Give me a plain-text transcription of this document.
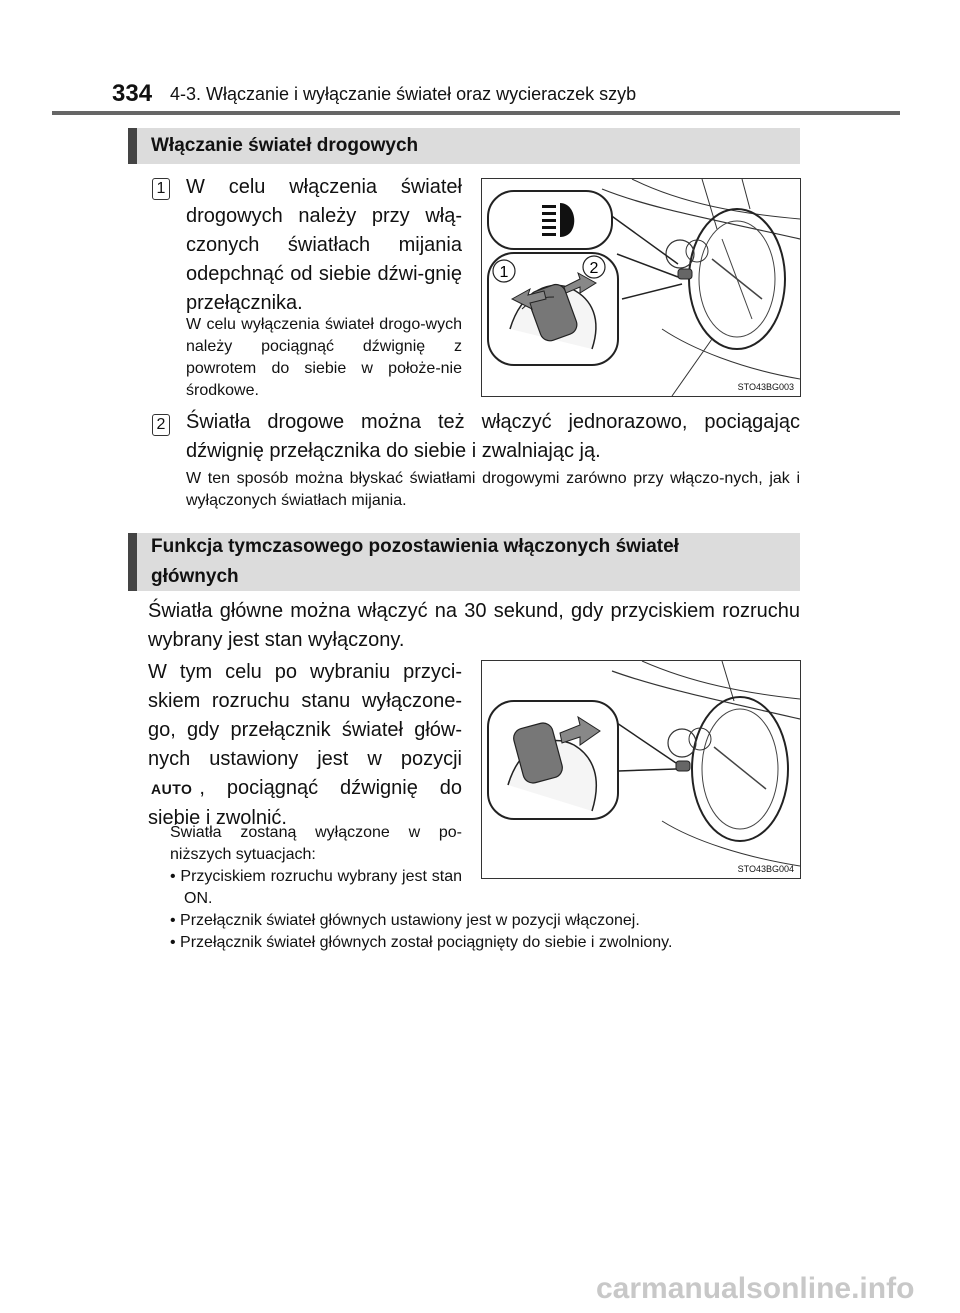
334 4-3. Włączanie i wyłączanie świateł oraz wycieraczek szyb
Włączanie świateł drogowych
1 W celu włączenia świateł drogowych należy przy włą-czonych światłach mijania odepchnąć od siebie dźwi-gnię przełącznika.
W celu wyłączenia świateł drogo-wych należy pociągnąć dźwignię z powrotem do siebie w położe-nie środkowe.
1	2
STO43BG003
2 Światła drogowe można też włączyć jednorazowo, pociągając dźwignię przełącznika do siebie i zwalniając ją.
W ten sposób można błyskać światłami drogowymi zarówno przy włączo-nych, jak i wyłączonych światłach mijania.
Funkcja tymczasowego pozostawienia włączonych świateł
głównych
Światła główne można włączyć na 30 sekund, gdy przyciskiem rozruchu wybrany jest stan wyłączony.
W tym celu po wybraniu przyci-skiem rozruchu stanu wyłączone-go, gdy przełącznik świateł głów-nych ustawiony jest w pozycji AUTO , pociągnąć dźwignię do siebie i zwolnić.
Światła zostaną wyłączone w po-niższych sytuacjach:
• Przyciskiem rozruchu wybrany jest stan ON.
• Przełącznik świateł głównych ustawiony jest w pozycji włączonej.
• Przełącznik świateł głównych został pociągnięty do siebie i zwolniony.
STO43BG004
carmanualsonline.info
